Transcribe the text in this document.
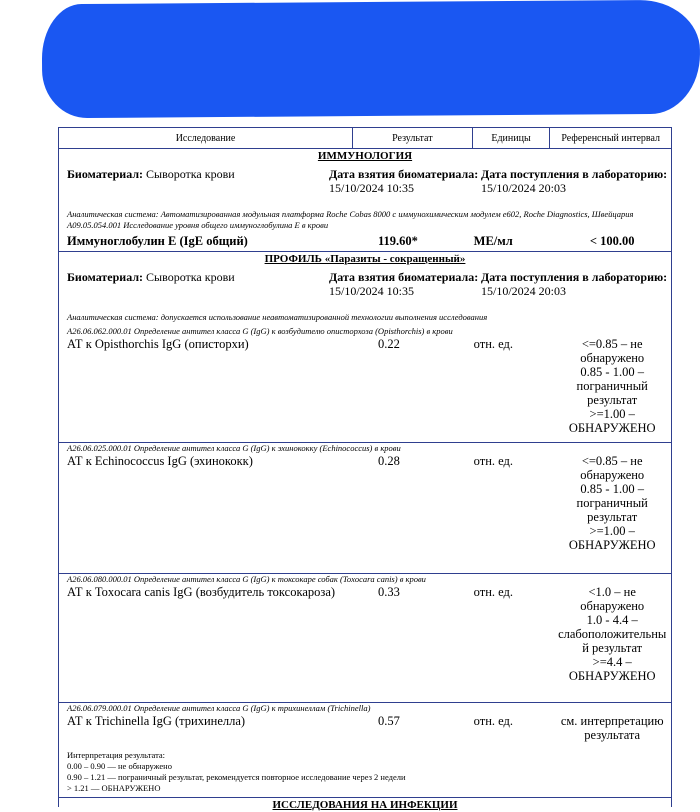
Исследование	Результат	Единицы	Референсный интервал
ИММУНОЛОГИЯ
Биоматериал: Сыворотка крови	Дата взятия биоматериала:
15/10/2024 10:35
Дата поступления в лабораторию:
15/10/2024 20:03
Аналитическая система: Автоматизированная модульная платформа Roche Cobas 8000 с иммунохимическим модулем e602, Roche Diagnostics, Швейцария
А09.05.054.001 Исследование уровня общего иммуноглобулина Е в крови
Иммуноглобулин Е (IgE общий)	119.60*	МЕ/мл	< 100.00
ПРОФИЛЬ «Паразиты - сокращенный»
Биоматериал: Сыворотка крови	Дата взятия биоматериала:
15/10/2024 10:35
Дата поступления в лабораторию:
15/10/2024 20:03
Аналитическая система: допускается использование неавтоматизированной технологии выполнения исследования
А26.06.062.000.01 Определение антител класса G (IgG) к возбудителю описторхоза (Opisthorchis) в крови
АТ к Opisthorchis IgG (описторхи)	0.22	отн. ед.	<=0.85 – не
обнаружено
0.85 - 1.00 –
пограничный
результат
>=1.00 –
ОБНАРУЖЕНО
А26.06.025.000.01 Определение антител класса G (IgG) к эхинококку (Echinococcus) в крови
АТ к Echinococcus IgG (эхинококк)	0.28	отн. ед.	<=0.85 – не
обнаружено
0.85 - 1.00 –
пограничный
результат
>=1.00 –
ОБНАРУЖЕНО
А26.06.080.000.01 Определение антител класса G (IgG) к токсокаре собак (Toxocara canis) в крови
АТ к Toxocara canis IgG (возбудитель токсокароза)	0.33	отн. ед.	<1.0 – не
обнаружено
1.0 - 4.4 –
слабоположительны
й результат
>=4.4 –
ОБНАРУЖЕНО
А26.06.079.000.01 Определение антител класса G (IgG) к трихинеллам (Trichinella)
АТ к Trichinella IgG (трихинелла)	0.57	отн. ед.	см. интерпретацию
результата
Интерпретация результата:
0.00 – 0.90 — не обнаружено
0.90 – 1.21 — пограничный результат, рекомендуется повторное исследование через 2 недели
> 1.21 — ОБНАРУЖЕНО
ИССЛЕДОВАНИЯ НА ИНФЕКЦИИ
